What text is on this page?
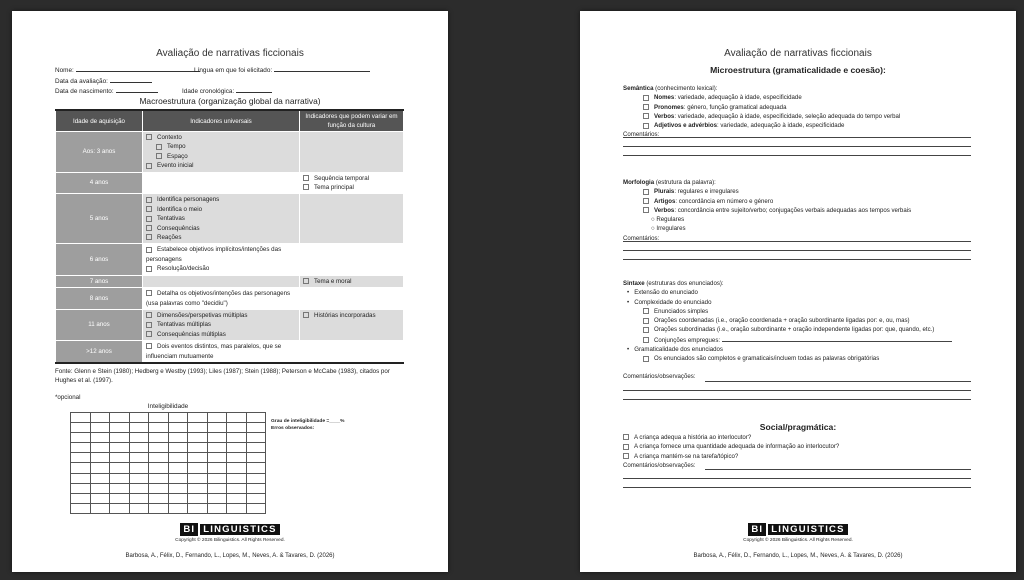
Avaliação de narrativas ficcionais
Nome:	Língua em que foi elicitado:
Data da avaliação:
Data de nascimento:	Idade cronológica:
Macroestrutura (organização global da narrativa)
Idade de aquisição	Indicadores universais	Indicadores que podem variar em função da cultura
Aos: 3 anos	Contexto
Tempo
Espaço
Evento inicial	

4 anos		Sequência temporal
Tema principal

5 anos	Identifica personagens
Identifica o meio
Tentativas
Consequências
Reações	

6 anos	Estabelece objetivos implícitos/intenções das personagens
Resolução/decisão	

7 anos		Tema e moral

8 anos	Detalha os objetivos/intenções das personagens (usa palavras como "decidiu")	

11 anos	Dimensões/perspetivas múltiplas
Tentativas múltiplas
Consequências múltiplas	Histórias incorporadas

>12 anos	Dois eventos distintos, mas paralelos, que se influenciam mutuamente	

Fonte: Glenn e Stein (1980); Hedberg e Westby (1993); Liles (1987); Stein (1988); Peterson e McCabe (1983), citados por Hughes et al. (1997).
*opcional
Inteligibilidade
Grau de inteligibilidade =____%
Erros observados:
BI LINGUISTICS
Copyright © 2026 Bilinguistics. All Rights Reserved.
Barbosa, A., Félix, D., Fernando, L., Lopes, M., Neves, A. & Tavares, D. (2026)
Avaliação de narrativas ficcionais
Microestrutura (gramaticalidade e coesão):
Semântica (conhecimento lexical):
Nomes: variedade, adequação à idade, especificidade
Pronomes: género, função gramatical adequada
Verbos: variedade, adequação à idade, especificidade, seleção adequada do tempo verbal
Adjetivos e advérbios: variedade, adequação à idade, especificidade
Comentários:
Morfologia (estrutura da palavra):
Plurais: regulares e irregulares
Artigos: concordância em número e género
Verbos: concordância entre sujeito/verbo; conjugações verbais adequadas aos tempos verbais
○ Regulares
○ Irregulares
Comentários:
Sintaxe (estruturas dos enunciados):
•   Extensão do enunciado
•   Complexidade do enunciado
Enunciados simples
Orações coordenadas (i.e., oração coordenada + oração subordinante ligadas por: e, ou, mas)
Orações subordinadas (i.e., oração subordinante + oração independente ligadas por: que, quando, etc.)
Conjunções empregues:
•   Gramaticalidade dos enunciados
Os enunciados são completos e gramaticais/incluem todas as palavras obrigatórias
Comentários/observações:
Social/pragmática:
A criança adequa a história ao interlocutor?
A criança fornece uma quantidade adequada de informação ao interlocutor?
A criança mantém-se na tarefa/tópico?
Comentários/observações:
BI LINGUISTICS
Copyright © 2026 Bilinguistics. All Rights Reserved.
Barbosa, A., Félix, D., Fernando, L., Lopes, M., Neves, A. & Tavares, D. (2026)
